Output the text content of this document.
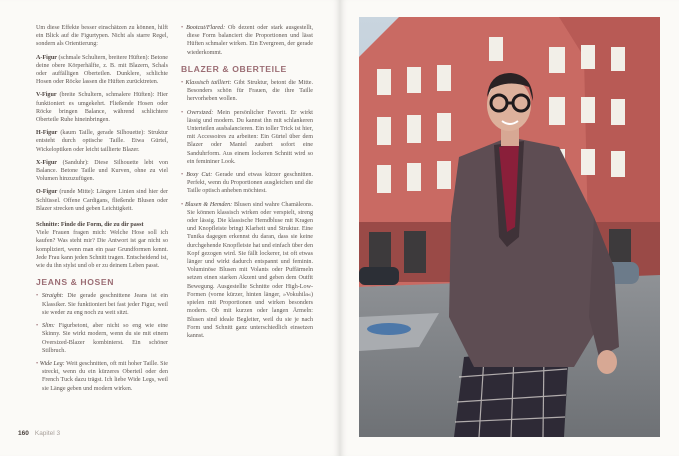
Um diese Effekte besser einschätzen zu können, hilft ein Blick auf die Figurtypen. Nicht als starre Regel, sondern als Orientierung:

A-Figur (schmale Schultern, breitere Hüften): Betone deine obere Körperhälfte, z. B. mit Blazern, Schals oder auffälligen Oberteilen. Dunklere, schlichte Hosen oder Röcke lassen die Hüften zurücktreten.

V-Figur (breite Schultern, schmalere Hüften): Hier funktioniert es umgekehrt. Fließende Hosen oder Röcke bringen Balance, während schlichtere Oberteile Ruhe hineinbringen.

H-Figur (kaum Taille, gerade Silhouette): Struktur entsteht durch optische Taille. Etwa Gürtel, Wickeloptiken oder leicht taillierte Blazer.

X-Figur (Sanduhr): Diese Silhouette lebt von Balance. Betone Taille und Kurven, ohne zu viel Volumen hinzuzufügen.

O-Figur (runde Mitte): Längere Linien sind hier der Schlüssel. Offene Cardigans, fließende Blusen oder Blazer strecken und geben Leichtigkeit.

Schnitte: Finde die Form, die zu dir passt
Viele Frauen fragen mich: Welche Hose soll ich kaufen? Was steht mir? Die Antwort ist gar nicht so kompliziert, wenn man ein paar Grundformen kennt. Jede Frau kann jeden Schnitt tragen. Entscheidend ist, wie du ihn stylst und ob er zu deinem Leben passt.

JEANS & HOSEN

• Straight: Die gerade geschnittene Jeans ist ein Klassiker. Sie funktioniert bei fast jeder Figur, weil sie weder zu eng noch zu weit sitzt.

• Slim: Figurbetont, aber nicht so eng wie eine Skinny. Sie wirkt modern, wenn du sie mit einem Oversized-Blazer kombinierst. Ein schöner Stilbruch.

• Wide Leg: Weit geschnitten, oft mit hoher Taille. Sie streckt, wenn du ein kürzeres Oberteil oder den French Tuck dazu trägst. Ich liebe Wide Legs, weil sie Länge geben und modern wirken.

• Bootcut/Flared: Ob dezent oder stark ausgestellt, diese Form balanciert die Proportionen und lässt Hüften schmaler wirken. Ein Evergreen, der gerade wiederkommt.

BLAZER & OBERTEILE

• Klassisch tailliert: Gibt Struktur, betont die Mitte. Besonders schön für Frauen, die ihre Taille hervorheben wollen.

• Oversized: Mein persönlicher Favorit. Er wirkt lässig und modern. Du kannst ihn mit schlankeren Unterteilen ausbalancieren. Ein toller Trick ist hier, mit Accessoires zu arbeiten: Ein Gürtel über dem Blazer oder Mantel zaubert sofort eine Sanduhrform. Aus einem lockeren Schnitt wird so ein femininer Look.

• Boxy Cut: Gerade und etwas kürzer geschnitten. Perfekt, wenn du Proportionen ausgleichen und die Taille optisch anheben möchtest.

• Blusen & Hemden: Blusen sind wahre Chamäleons. Sie können klassisch wirken oder verspielt, streng oder lässig. Die klassische Hemdbluse mit Kragen und Knopfleiste bringt Klarheit und Struktur. Eine Tunika dagegen erkennst du daran, dass sie keine durchgehende Knopfleiste hat und einfach über den Kopf gezogen wird. Sie fällt lockerer, ist oft etwas länger und wirkt dadurch entspannt und feminin. Voluminöse Blusen mit Volants oder Puffärmeln setzen einen starken Akzent und geben dem Outfit Bewegung. Ausgestellte Schnitte oder High-Low-Formen (vorne kürzer, hinten länger, »Vokuhila«) spielen mit Proportionen und wirken besonders modern. Ob mit kurzen oder langen Ärmeln: Blusen sind ideale Begleiter, weil du sie je nach Form und Schnitt ganz unterschiedlich einsetzen kannst.

160 Kapitel 3
